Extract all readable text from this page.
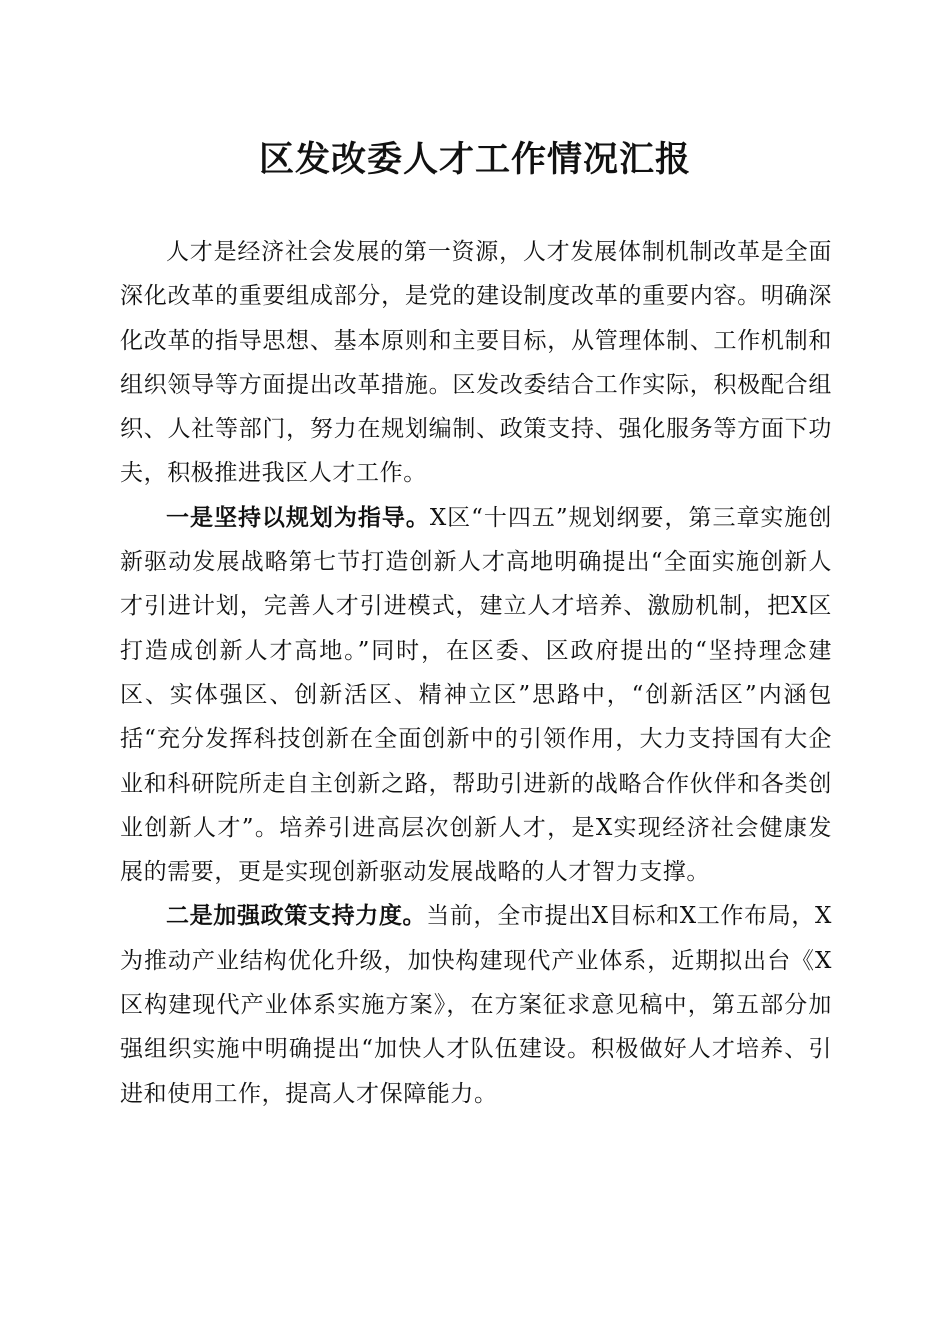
区发改委人才工作情况汇报

人才是经济社会发展的第一资源，人才发展体制机制改革是全面深化改革的重要组成部分，是党的建设制度改革的重要内容。明确深化改革的指导思想、基本原则和主要目标，从管理体制、工作机制和组织领导等方面提出改革措施。区发改委结合工作实际，积极配合组织、人社等部门，努力在规划编制、政策支持、强化服务等方面下功夫，积极推进我区人才工作。

一是坚持以规划为指导。X区“十四五”规划纲要，第三章实施创新驱动发展战略第七节打造创新人才高地明确提出“全面实施创新人才引进计划，完善人才引进模式，建立人才培养、激励机制，把X区打造成创新人才高地。”同时，在区委、区政府提出的“坚持理念建区、实体强区、创新活区、精神立区”思路中，“创新活区”内涵包括“充分发挥科技创新在全面创新中的引领作用，大力支持国有大企业和科研院所走自主创新之路，帮助引进新的战略合作伙伴和各类创业创新人才”。培养引进高层次创新人才，是X实现经济社会健康发展的需要，更是实现创新驱动发展战略的人才智力支撑。

二是加强政策支持力度。当前，全市提出X目标和X工作布局，X为推动产业结构优化升级，加快构建现代产业体系，近期拟出台《X区构建现代产业体系实施方案》，在方案征求意见稿中，第五部分加强组织实施中明确提出“加快人才队伍建设。积极做好人才培养、引进和使用工作，提高人才保障能力。
